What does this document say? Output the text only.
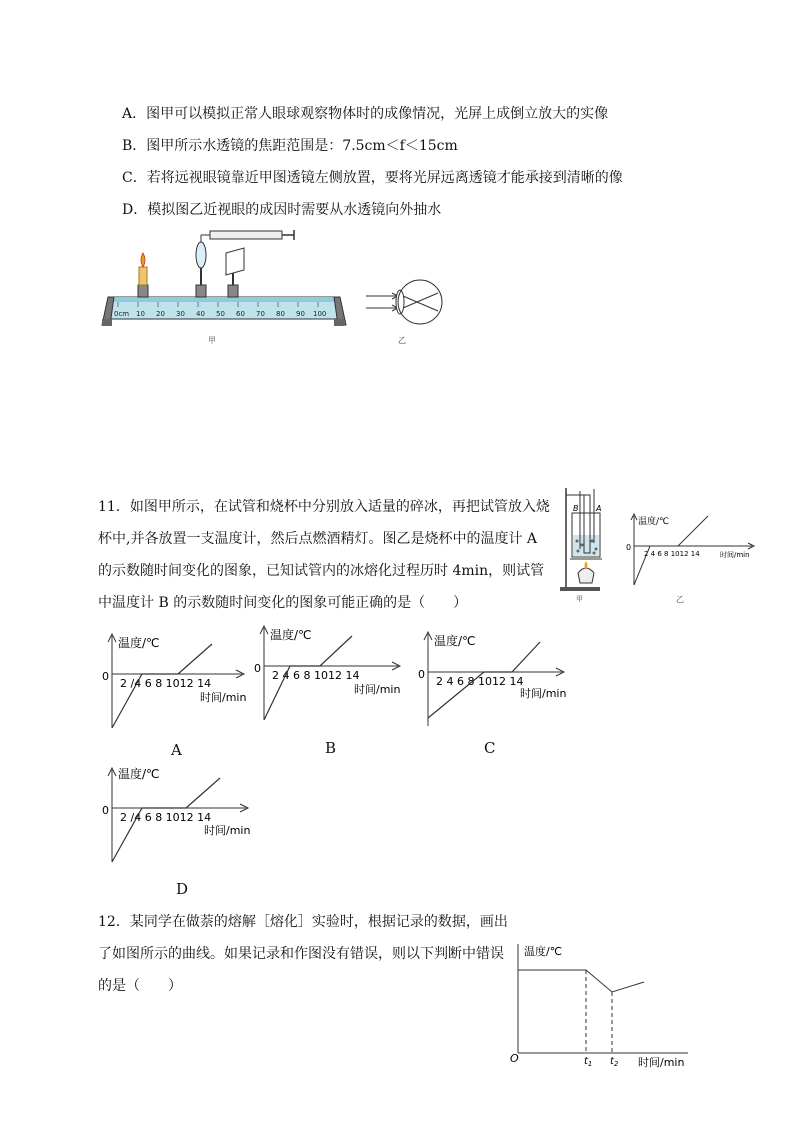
A．图甲可以模拟正常人眼球观察物体时的成像情况，光屏上成倒立放大的实像
B．图甲所示水透镜的焦距范围是：7.5cm＜f＜15cm
C．若将远视眼镜靠近甲图透镜左侧放置，要将光屏远离透镜才能承接到清晰的像
D．模拟图乙近视眼的成因时需要从水透镜向外抽水
0cm 10 20 30 40 50 60 70 80 90 100
甲	乙
11．如图甲所示，在试管和烧杯中分别放入适量的碎冰，再把试管放入烧
杯中,并各放置一支温度计，然后点燃酒精灯。图乙是烧杯中的温度计 A
的示数随时间变化的图象，已知试管内的冰熔化过程历时 4min，则试管
中温度计 B 的示数随时间变化的图象可能正确的是（　　）
B A
甲
温度/℃
0
2 4 6 8 1012 14	时间/min
乙
温度/℃
0
2 /4 6 8 1012 14
时间/min
A
温度/℃
0
2 4 6 8 1012 14
时间/min
B
温度/℃
0
2 4 6 8 1012 14
时间/min
C
温度/℃
0
2 /4 6 8 1012 14
时间/min
D
12．某同学在做萘的熔解［熔化］实验时，根据记录的数据，画出
了如图所示的曲线。如果记录和作图没有错误，则以下判断中错误
的是（　　）
温度/℃
O	$t_1$ $t_2$ 时间/min
